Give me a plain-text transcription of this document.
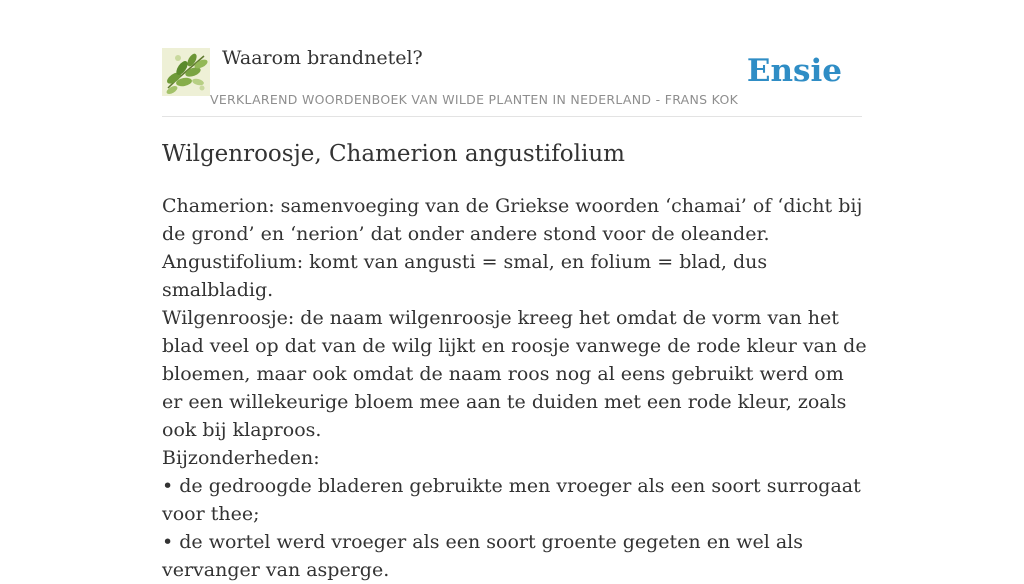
Waarom brandnetel?
VERKLAREND WOORDENBOEK VAN WILDE PLANTEN IN NEDERLAND - FRANS KOK
Ensie
Wilgenroosje, Chamerion angustifolium

Chamerion: samenvoeging van de Griekse woorden ‘chamai’ of ‘dicht bij de grond’ en ‘nerion’ dat onder andere stond voor de oleander.

Angustifolium: komt van angusti = smal, en folium = blad, dus smalbladig.

Wilgenroosje: de naam wilgenroosje kreeg het omdat de vorm van het blad veel op dat van de wilg lijkt en roosje vanwege de rode kleur van de bloemen, maar ook omdat de naam roos nog al eens gebruikt werd om er een willekeurige bloem mee aan te duiden met een rode kleur, zoals ook bij klaproos.

Bijzonderheden:

• de gedroogde bladeren gebruikte men vroeger als een soort surrogaat voor thee;

• de wortel werd vroeger als een soort groente gegeten en wel als vervanger van asperge.
